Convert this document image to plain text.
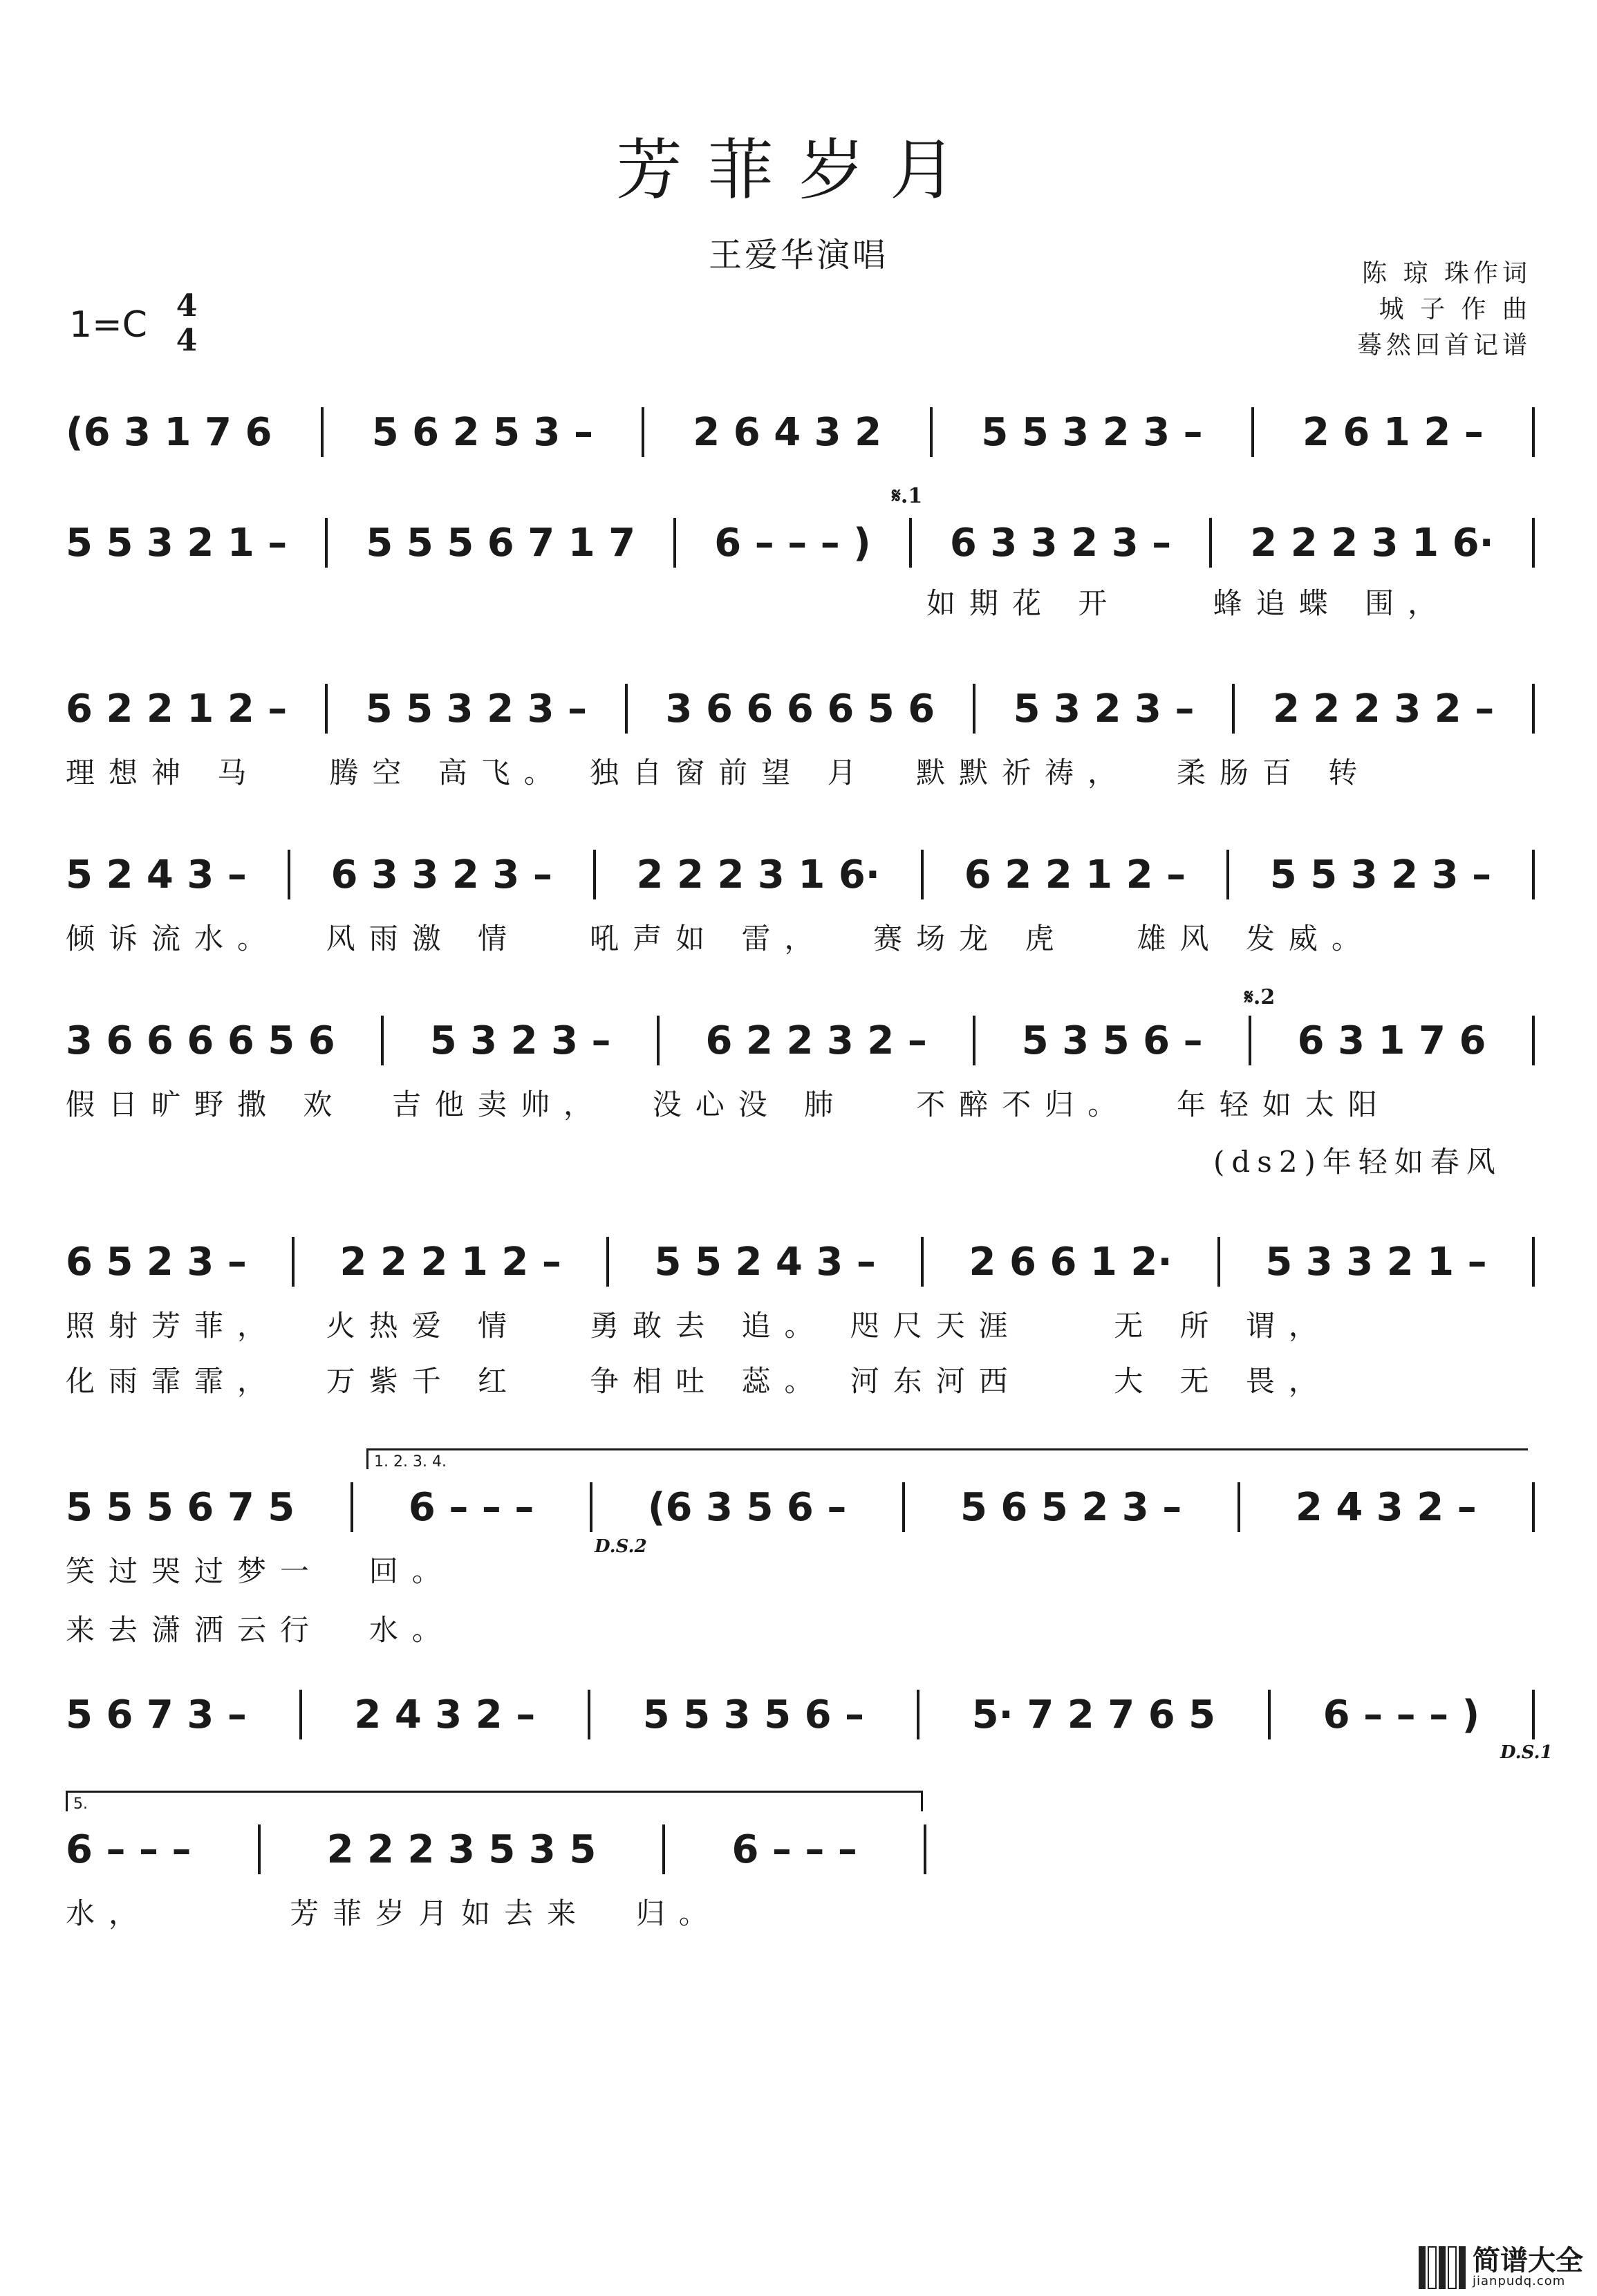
芳菲岁月
王爱华演唱	陈 琼 珠作词
城 子 作 曲
蓦然回首记谱
1=C 4
4
(6 3 1 7 6	5 6 2 5 3 –	2 6 4 3 2	5 5 3 2 3 –	2 6 1 2 –
𝄋.1
5 5 3 2 1 – 5 5 5 6 7 1 7 6 – – – ) 6 3 3 2 3 – 2 2 2 3 1 6·
如期花 开    蜂追蝶 围，
6 2 2 1 2 – 5 5 3 2 3 – 3 6 6 6 6 5 6 5 3 2 3 – 2 2 2 3 2 –
理想神 马   腾空 高飞。 独自窗前望 月  默默祈祷，  柔肠百 转
5 2 4 3 – 6 3 3 2 3 – 2 2 2 3 1 6· 6 2 2 1 2 – 5 5 3 2 3 –
倾诉流水。  风雨激 情   吼声如 雷，  赛场龙 虎   雄风 发威。
𝄋.2
3 6 6 6 6 5 6 5 3 2 3 – 6 2 2 3 2 – 5 3 5 6 – 6 3 1 7 6
假日旷野撒 欢  吉他卖帅，  没心没 肺   不醉不归。  年轻如太阳
(ds2)年轻如春风
6 5 2 3 – 2 2 2 1 2 – 5 5 2 4 3 – 2 6 6 1 2· 5 3 3 2 1 –
照射芳菲，  火热爱 情   勇敢去 追。 咫尺天涯    无 所 谓，
化雨霏霏，  万紫千 红   争相吐 蕊。 河东河西    大 无 畏，
1. 2. 3. 4.
5 5 5 6 7 5	6 – – –	(6 3 5 6 –	5 6 5 2 3 –	2 4 3 2 –
D.S.2
笑过哭过梦一  回。
来去潇洒云行  水。
5 6 7 3 –	2 4 3 2 –	5 5 3 5 6 –	5· 7 2 7 6 5	6 – – – )
D.S.1
5.
6 – – –	2 2 2 3 5 3 5	6 – – –
水，      芳菲岁月如去来  归。
简谱大全
jianpudq.com
